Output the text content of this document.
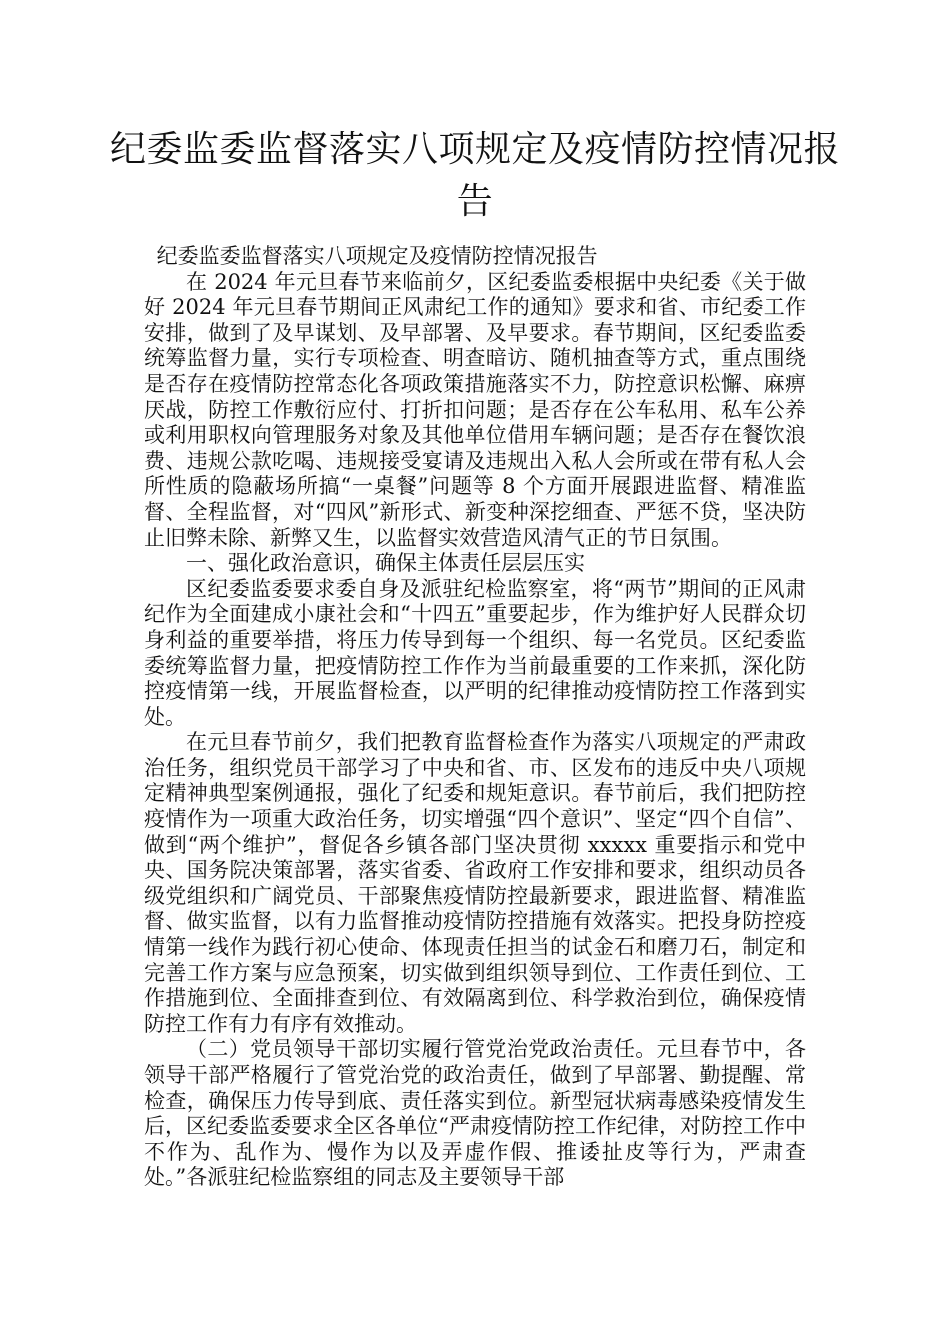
纪委监委监督落实八项规定及疫情防控情况报告

纪委监委监督落实八项规定及疫情防控情况报告

在 2024 年元旦春节来临前夕，区纪委监委根据中央纪委《关于做好 2024 年元旦春节期间正风肃纪工作的通知》要求和省、市纪委工作安排，做到了及早谋划、及早部署、及早要求。春节期间，区纪委监委统筹监督力量，实行专项检查、明查暗访、随机抽查等方式，重点围绕是否存在疫情防控常态化各项政策措施落实不力，防控意识松懈、麻痹厌战，防控工作敷衍应付、打折扣问题；是否存在公车私用、私车公养或利用职权向管理服务对象及其他单位借用车辆问题；是否存在餐饮浪费、违规公款吃喝、违规接受宴请及违规出入私人会所或在带有私人会所性质的隐蔽场所搞“一桌餐”问题等 8 个方面开展跟进监督、精准监督、全程监督，对“四风”新形式、新变种深挖细查、严惩不贷，坚决防止旧弊未除、新弊又生，以监督实效营造风清气正的节日氛围。

一、强化政治意识，确保主体责任层层压实

区纪委监委要求委自身及派驻纪检监察室，将“两节”期间的正风肃纪作为全面建成小康社会和“十四五”重要起步，作为维护好人民群众切身利益的重要举措，将压力传导到每一个组织、每一名党员。区纪委监委统筹监督力量，把疫情防控工作作为当前最重要的工作来抓，深化防控疫情第一线，开展监督检查，以严明的纪律推动疫情防控工作落到实处。

在元旦春节前夕，我们把教育监督检查作为落实八项规定的严肃政治任务，组织党员干部学习了中央和省、市、区发布的违反中央八项规定精神典型案例通报，强化了纪委和规矩意识。春节前后，我们把防控疫情作为一项重大政治任务，切实增强“四个意识”、坚定“四个自信”、做到“两个维护”，督促各乡镇各部门坚决贯彻 xxxxx 重要指示和党中央、国务院决策部署，落实省委、省政府工作安排和要求，组织动员各级党组织和广阔党员、干部聚焦疫情防控最新要求，跟进监督、精准监督、做实监督，以有力监督推动疫情防控措施有效落实。把投身防控疫情第一线作为践行初心使命、体现责任担当的试金石和磨刀石，制定和完善工作方案与应急预案，切实做到组织领导到位、工作责任到位、工作措施到位、全面排查到位、有效隔离到位、科学救治到位，确保疫情防控工作有力有序有效推动。

（二）党员领导干部切实履行管党治党政治责任。元旦春节中，各领导干部严格履行了管党治党的政治责任，做到了早部署、勤提醒、常检查，确保压力传导到底、责任落实到位。新型冠状病毒感染疫情发生后，区纪委监委要求全区各单位“严肃疫情防控工作纪律，对防控工作中不作为、乱作为、慢作为以及弄虚作假、推诿扯皮等行为，严肃查处。”各派驻纪检监察组的同志及主要领导干部
